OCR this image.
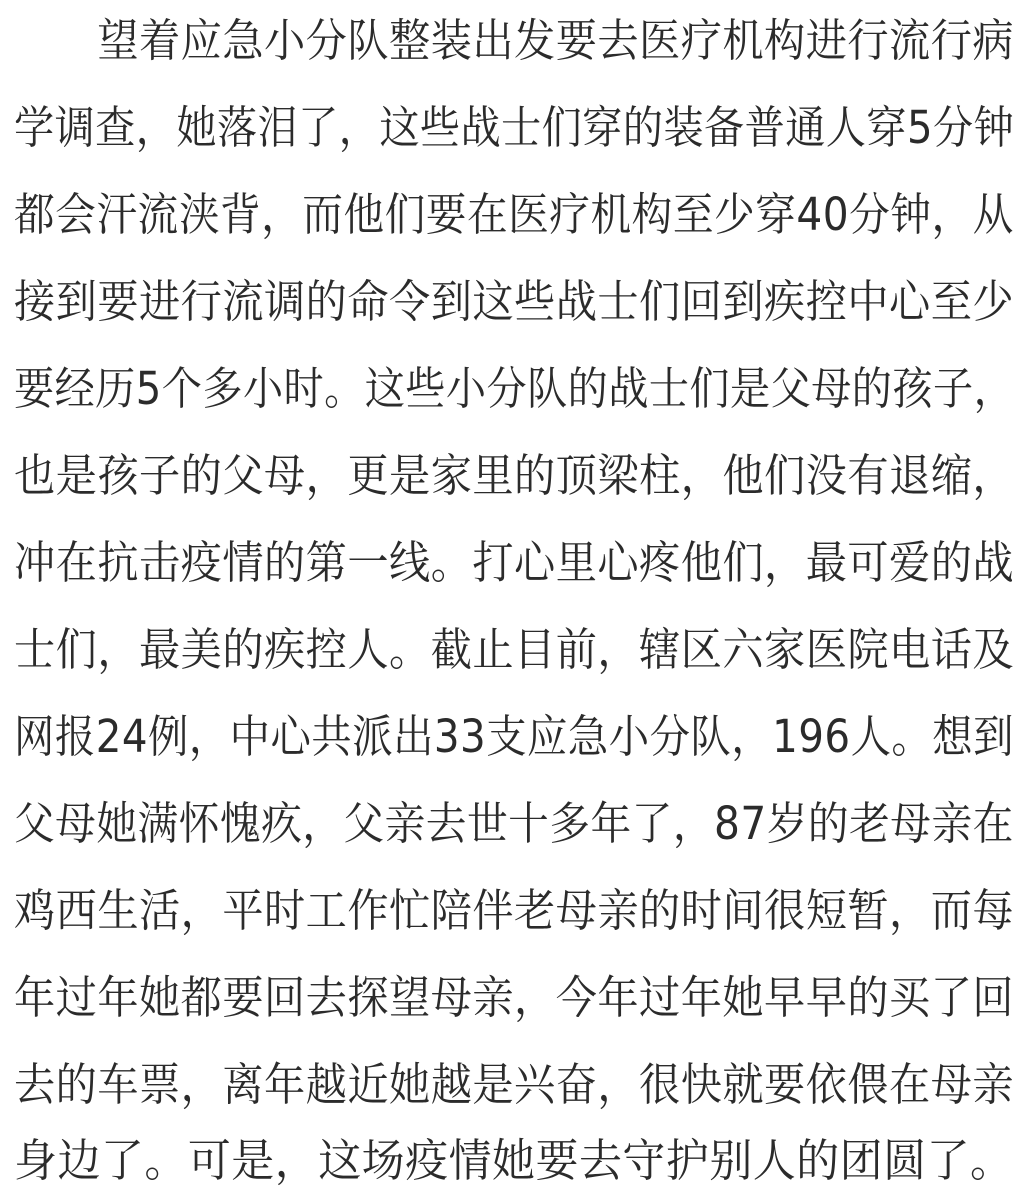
　　望着应急小分队整装出发要去医疗机构进行流行病
学调查，她落泪了，这些战士们穿的装备普通人穿5分钟
都会汗流浃背，而他们要在医疗机构至少穿40分钟，从
接到要进行流调的命令到这些战士们回到疾控中心至少
要经历5个多小时。这些小分队的战士们是父母的孩子，
也是孩子的父母，更是家里的顶梁柱，他们没有退缩，
冲在抗击疫情的第一线。打心里心疼他们，最可爱的战
士们，最美的疾控人。截止目前，辖区六家医院电话及
网报24例，中心共派出33支应急小分队，196人。想到
父母她满怀愧疚，父亲去世十多年了，87岁的老母亲在
鸡西生活，平时工作忙陪伴老母亲的时间很短暂，而每
年过年她都要回去探望母亲，今年过年她早早的买了回
去的车票，离年越近她越是兴奋，很快就要依偎在母亲
身边了。可是，这场疫情她要去守护别人的团圆了。
